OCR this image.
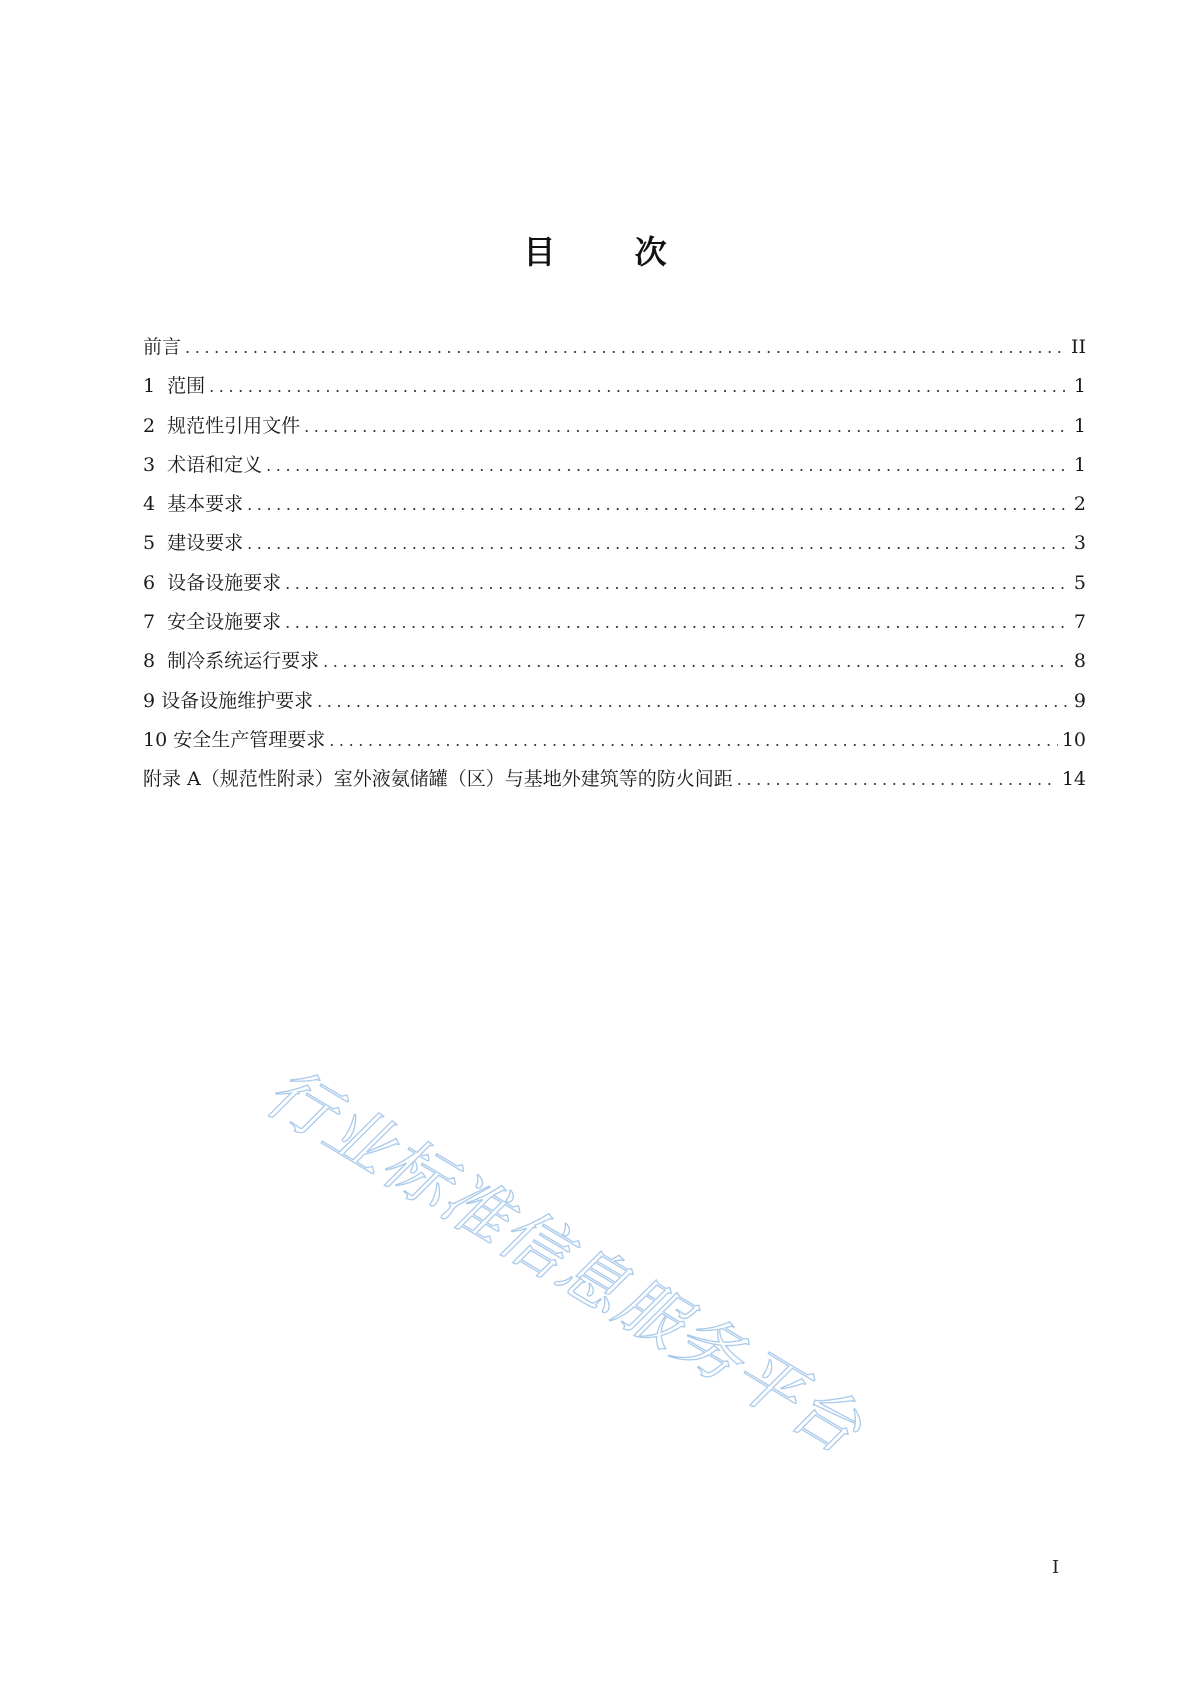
目 次
前言 .....	II
1 范围 .....	1
2 规范性引用文件 .....	1
3 术语和定义 .....	1
4 基本要求 .....	2
5 建设要求 .....	3
6 设备设施要求 .....	5
7 安全设施要求 .....	7
8 制冷系统运行要求 .....	8
9 设备设施维护要求 .....	9
10 安全生产管理要求 .....	10
附录 A（规范性附录）室外液氨储罐（区）与基地外建筑等的防火间距 .....	14
行业标准信息服务平台
I
